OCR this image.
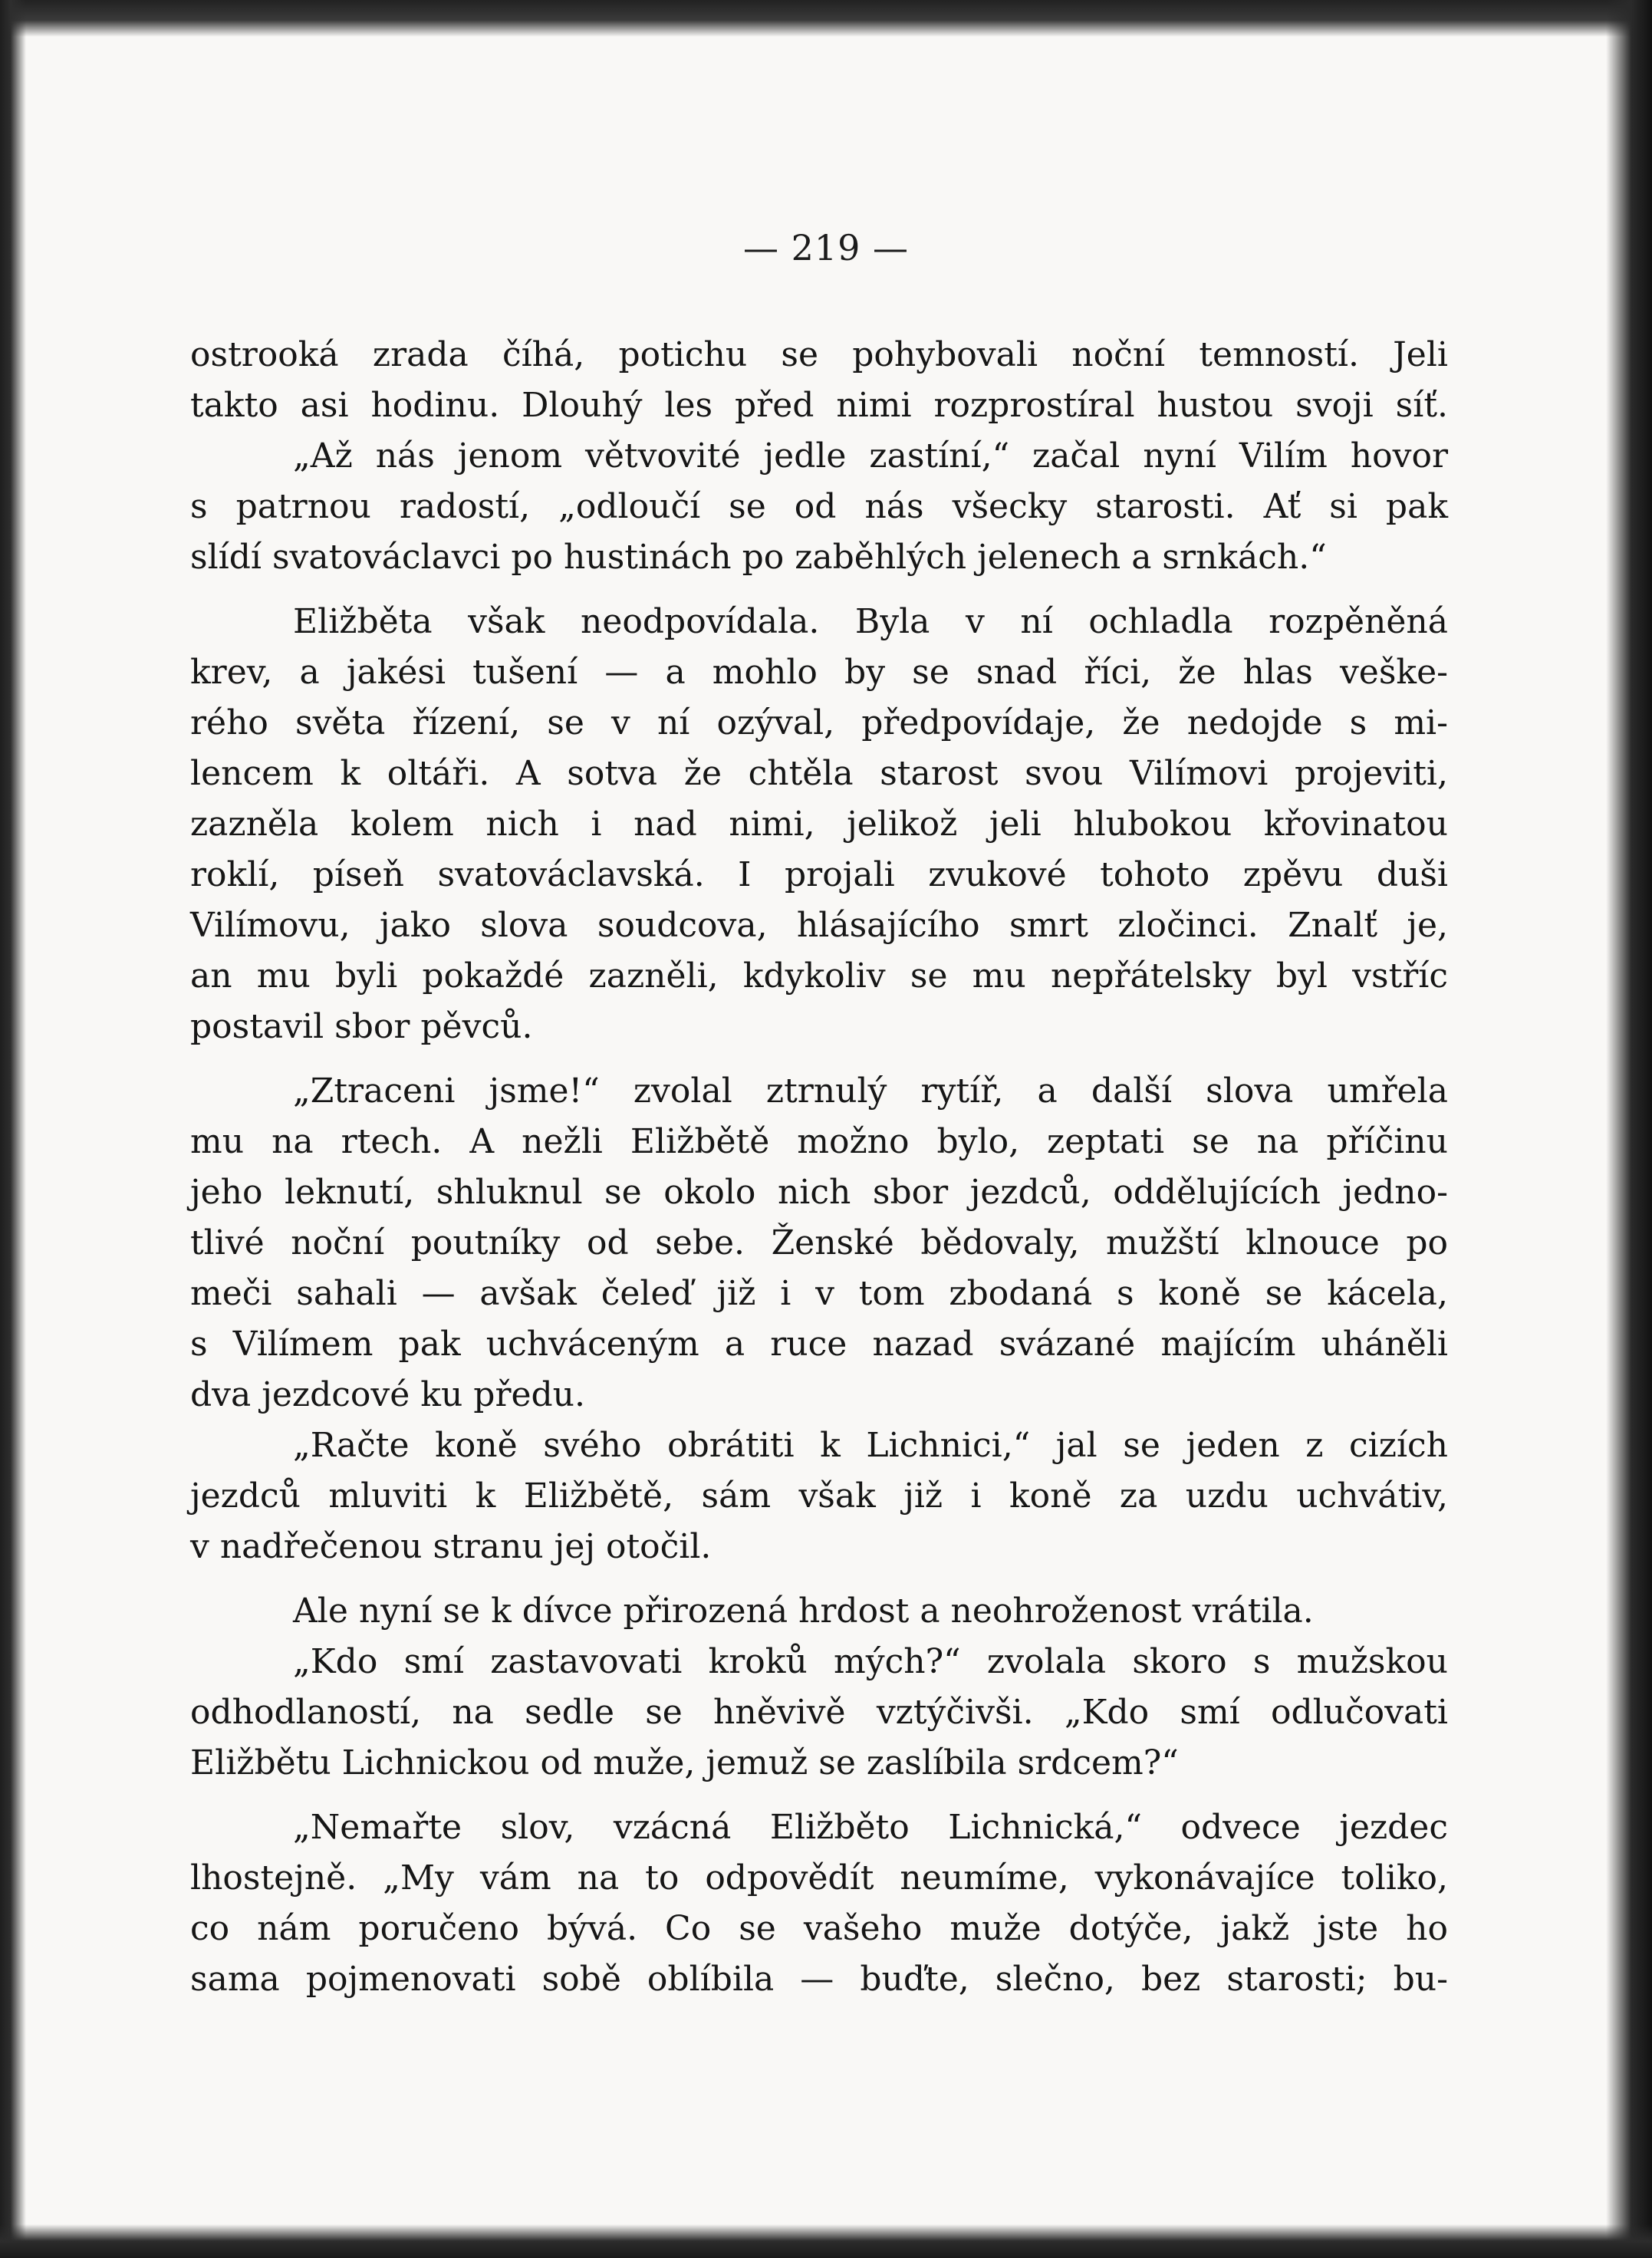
— 219 —
ostrooká zrada číhá, potichu se pohybovali noční temností. Jeli
takto asi hodinu. Dlouhý les před nimi rozprostíral hustou svoji síť.
„Až nás jenom větvovité jedle zastíní,“ začal nyní Vilím hovor
s patrnou radostí, „odloučí se od nás všecky starosti. Ať si pak
slídí svatováclavci po hustinách po zaběhlých jelenech a srnkách.“
Eližběta však neodpovídala. Byla v ní ochladla rozpěněná
krev, a jakési tušení — a mohlo by se snad říci, že hlas veške-
rého světa řízení, se v ní ozýval, předpovídaje, že nedojde s mi-
lencem k oltáři. A sotva že chtěla starost svou Vilímovi projeviti,
zazněla kolem nich i nad nimi, jelikož jeli hlubokou křovinatou
roklí, píseň svatováclavská. I projali zvukové tohoto zpěvu duši
Vilímovu, jako slova soudcova, hlásajícího smrt zločinci. Znalť je,
an mu byli pokaždé zazněli, kdykoliv se mu nepřátelsky byl vstříc
postavil sbor pěvců.
„Ztraceni jsme!“ zvolal ztrnulý rytíř, a další slova umřela
mu na rtech. A nežli Eližbětě možno bylo, zeptati se na příčinu
jeho leknutí, shluknul se okolo nich sbor jezdců, oddělujících jedno-
tlivé noční poutníky od sebe. Ženské bědovaly, mužští klnouce po
meči sahali — avšak čeleď již i v tom zbodaná s koně se kácela,
s Vilímem pak uchváceným a ruce nazad svázané majícím uháněli
dva jezdcové ku předu.
„Račte koně svého obrátiti k Lichnici,“ jal se jeden z cizích
jezdců mluviti k Eližbětě, sám však již i koně za uzdu uchvátiv,
v nadřečenou stranu jej otočil.
Ale nyní se k dívce přirozená hrdost a neohroženost vrátila.
„Kdo smí zastavovati kroků mých?“ zvolala skoro s mužskou
odhodlaností, na sedle se hněvivě vztýčivši. „Kdo smí odlučovati
Eližbětu Lichnickou od muže, jemuž se zaslíbila srdcem?“
„Nemařte slov, vzácná Eližběto Lichnická,“ odvece jezdec
lhostejně. „My vám na to odpovědít neumíme, vykonávajíce toliko,
co nám poručeno bývá. Co se vašeho muže dotýče, jakž jste ho
sama pojmenovati sobě oblíbila — buďte, slečno, bez starosti; bu-
